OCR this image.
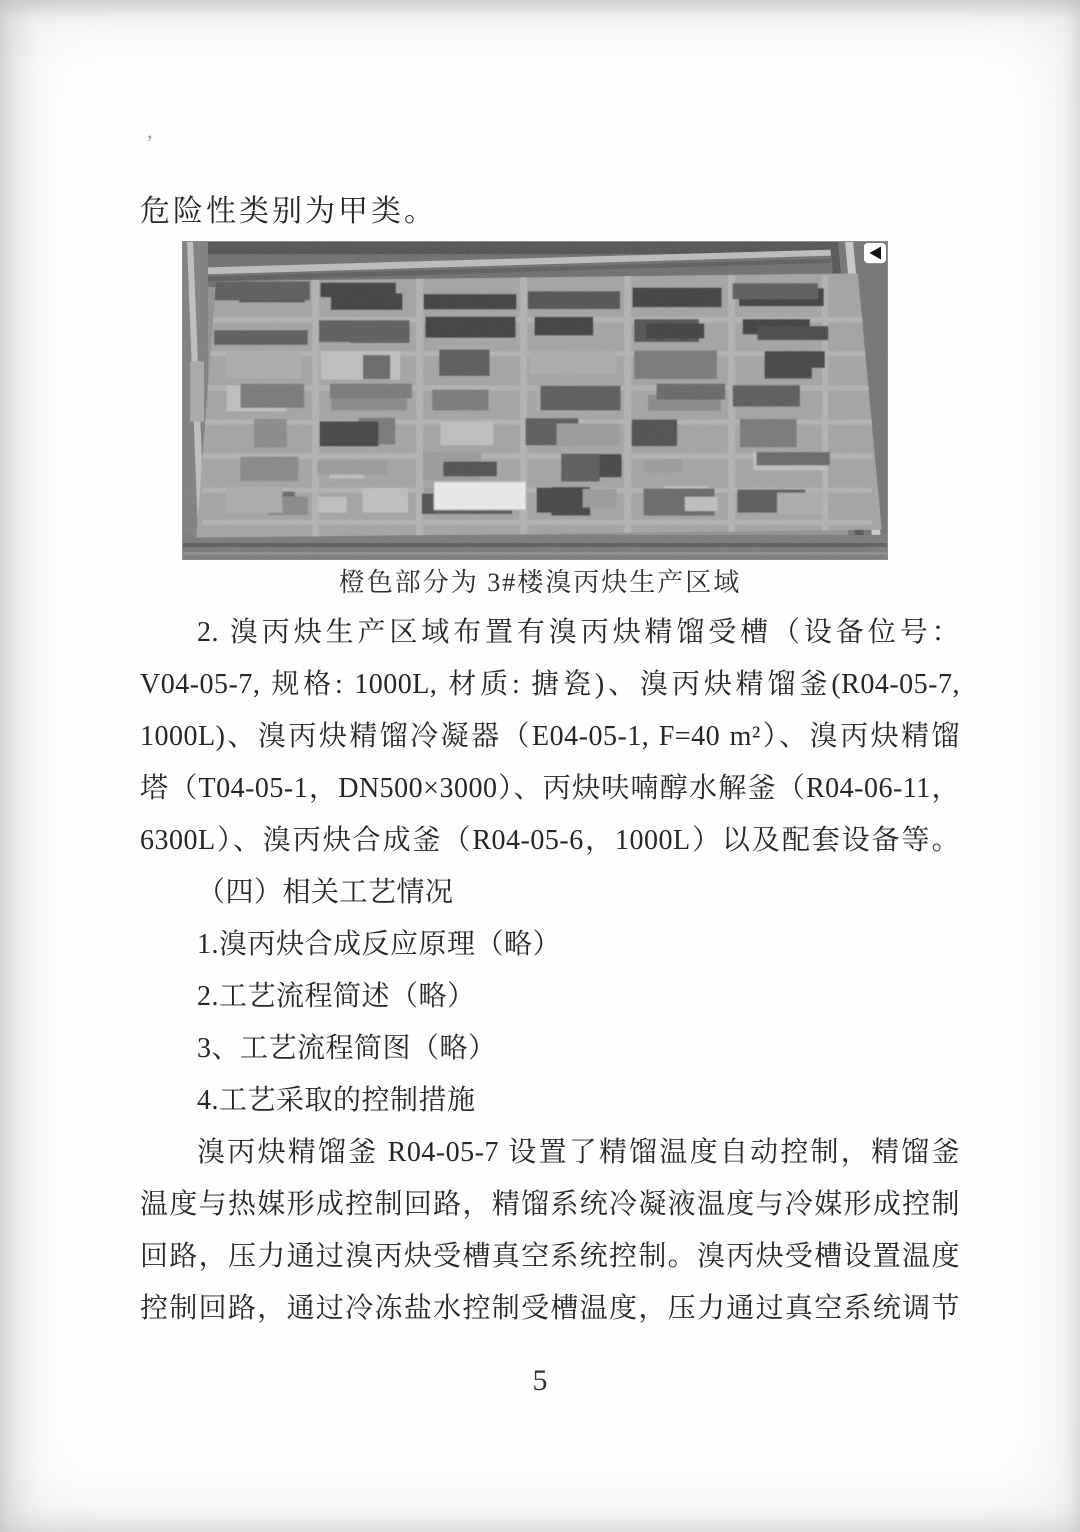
’
危险性类别为甲类。
橙色部分为 3#楼溴丙炔生产区域
2. 溴丙炔生产区域布置有溴丙炔精馏受槽（设备位号：
V04-05-7, 规格: 1000L, 材质: 搪瓷)、溴丙炔精馏釜(R04-05-7,
1000L)、溴丙炔精馏冷凝器（E04-05-1, F=40 m²）、溴丙炔精馏
塔（T04-05-1，DN500×3000）、丙炔呋喃醇水解釜（R04-06-11，
6300L）、溴丙炔合成釜（R04-05-6，1000L）以及配套设备等。
（四）相关工艺情况
1.溴丙炔合成反应原理（略）
2.工艺流程简述（略）
3、工艺流程简图（略）
4.工艺采取的控制措施
溴丙炔精馏釜 R04-05-7 设置了精馏温度自动控制，精馏釜
温度与热媒形成控制回路，精馏系统冷凝液温度与冷媒形成控制
回路，压力通过溴丙炔受槽真空系统控制。溴丙炔受槽设置温度
控制回路，通过冷冻盐水控制受槽温度，压力通过真空系统调节
5
